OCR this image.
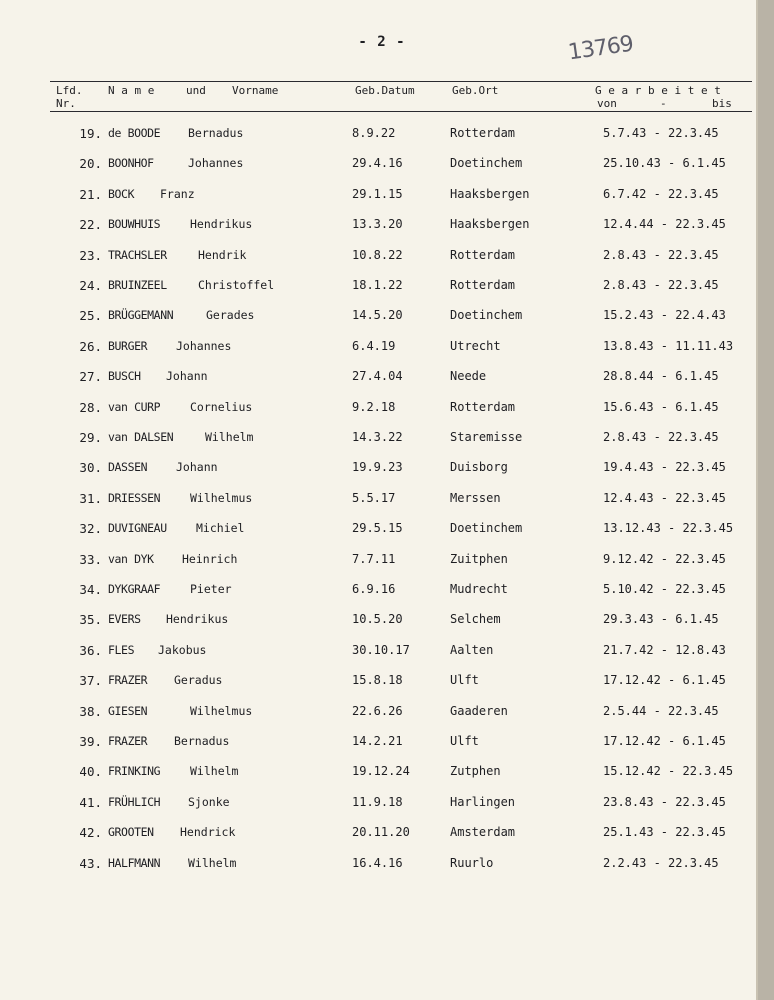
- 2 -	13769
Lfd.
Nr.
N a m e	und Vorname	Geb.Datum	Geb.Ort	G e a r b e i t e t
von	-	bis
19. de BOODE Bernadus	8.9.22	Rotterdam	5.7.43 - 22.3.45
20. BOONHOF	Johannes	29.4.16	Doetinchem	25.10.43 - 6.1.45
21. BOCK Franz	29.1.15	Haaksbergen	6.7.42 - 22.3.45
22. BOUWHUIS	Hendrikus	13.3.20	Haaksbergen	12.4.44 - 22.3.45
23. TRACHSLER	Hendrik	10.8.22	Rotterdam	2.8.43 - 22.3.45
24. BRUINZEEL	Christoffel	18.1.22	Rotterdam	2.8.43 - 22.3.45
25. BRÜGGEMANN	Gerades	14.5.20	Doetinchem	15.2.43 - 22.4.43
26. BURGER	Johannes	6.4.19	Utrecht	13.8.43 - 11.11.43
27. BUSCH Johann	27.4.04	Neede	28.8.44 - 6.1.45
28. van CURP	Cornelius	9.2.18	Rotterdam	15.6.43 - 6.1.45
29. van DALSEN	Wilhelm	14.3.22	Staremisse	2.8.43 - 22.3.45
30. DASSEN	Johann	19.9.23	Duisborg	19.4.43 - 22.3.45
31. DRIESSEN	Wilhelmus	5.5.17	Merssen	12.4.43 - 22.3.45
32. DUVIGNEAU	Michiel	29.5.15	Doetinchem	13.12.43 - 22.3.45
33. van DYK Heinrich	7.7.11	Zuitphen	9.12.42 - 22.3.45
34. DYKGRAAF	Pieter	6.9.16	Mudrecht	5.10.42 - 22.3.45
35. EVERS Hendrikus	10.5.20	Selchem	29.3.43 - 6.1.45
36. FLES Jakobus	30.10.17	Aalten	21.7.42 - 12.8.43
37. FRAZER Geradus	15.8.18	Ulft	17.12.42 - 6.1.45
38. GIESEN	Wilhelmus	22.6.26	Gaaderen	2.5.44 - 22.3.45
39. FRAZER Bernadus	14.2.21	Ulft	17.12.42 - 6.1.45
40. FRINKING	Wilhelm	19.12.24	Zutphen	15.12.42 - 22.3.45
41. FRÜHLICH Sjonke	11.9.18	Harlingen	23.8.43 - 22.3.45
42. GROOTEN Hendrick	20.11.20	Amsterdam	25.1.43 - 22.3.45
43. HALFMANN Wilhelm	16.4.16	Ruurlo	2.2.43 - 22.3.45
